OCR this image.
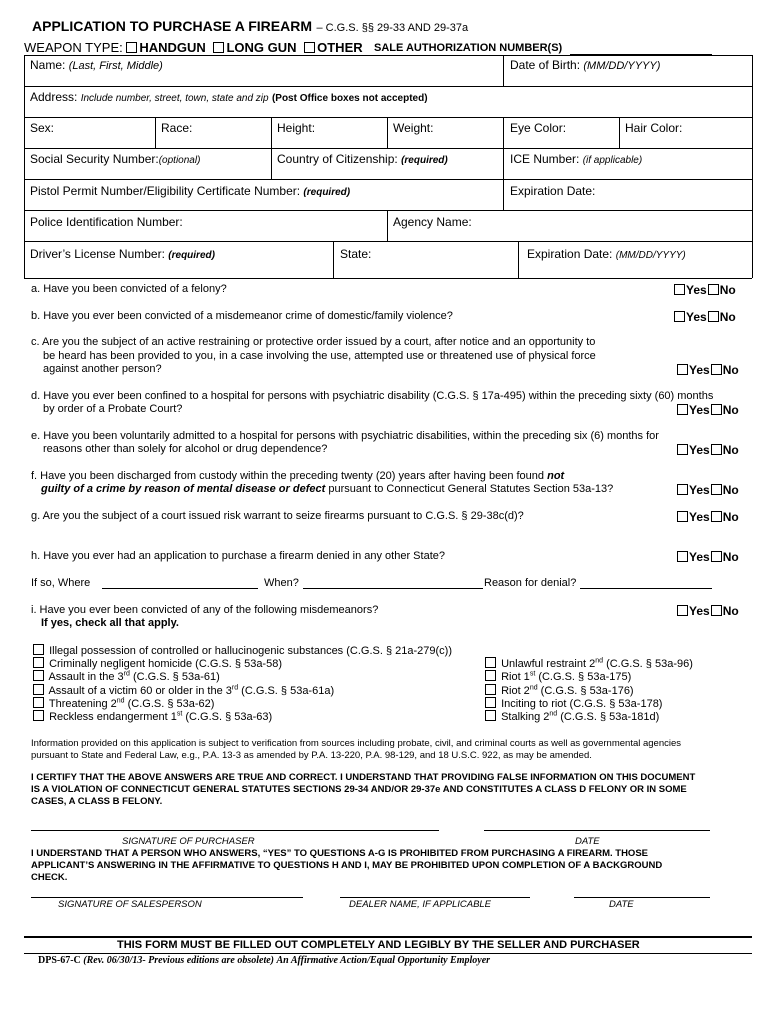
APPLICATION TO PURCHASE A FIREARM – C.G.S. §§ 29-33 AND 29-37a
WEAPON TYPE: HANDGUN LONG GUN OTHER SALE AUTHORIZATION NUMBER(S)
Name: (Last, First, Middle)	Date of Birth: (MM/DD/YYYY)
Address: Include number, street, town, state and zip (Post Office boxes not accepted)
Sex:	Race:	Height:	Weight:	Eye Color:	Hair Color:
Social Security Number:(optional)	Country of Citizenship: (required)	ICE Number: (if applicable)
Pistol Permit Number/Eligibility Certificate Number: (required)	Expiration Date:
Police Identification Number:	Agency Name:
Driver’s License Number: (required)	State:	Expiration Date: (MM/DD/YYYY)
a. Have you been convicted of a felony?
b. Have you ever been convicted of a misdemeanor crime of domestic/family violence?
c. Are you the subject of an active restraining or protective order issued by a court, after notice and an opportunity to
be heard has been provided to you, in a case involving the use, attempted use or threatened use of physical force
against another person?
d. Have you ever been confined to a hospital for persons with psychiatric disability (C.G.S. § 17a-495) within the preceding sixty (60) months
by order of a Probate Court?
e. Have you been voluntarily admitted to a hospital for persons with psychiatric disabilities, within the preceding six (6) months for
reasons other than solely for alcohol or drug dependence?
f. Have you been discharged from custody within the preceding twenty (20) years after having been found not
guilty of a crime by reason of mental disease or defect pursuant to Connecticut General Statutes Section 53a-13?
g. Are you the subject of a court issued risk warrant to seize firearms pursuant to C.G.S. § 29-38c(d)?
h. Have you ever had an application to purchase a firearm denied in any other State?
If so, Where	When?	Reason for denial?
i. Have you ever been convicted of any of the following misdemeanors?
If yes, check all that apply.
Yes No
Yes No
Yes No
Yes No
Yes No
Yes No
Yes No
Yes No
Yes No
Illegal possession of controlled or hallucinogenic substances (C.G.S. § 21a-279(c))
Criminally negligent homicide (C.G.S. § 53a-58)
Assault in the 3rd (C.G.S. § 53a-61)
Assault of a victim 60 or older in the 3rd (C.G.S. § 53a-61a)
Threatening 2nd (C.G.S. § 53a-62)
Reckless endangerment 1st (C.G.S. § 53a-63)
Unlawful restraint 2nd (C.G.S. § 53a-96)
Riot 1st (C.G.S. § 53a-175)
Riot 2nd (C.G.S. § 53a-176)
Inciting to riot (C.G.S. § 53a-178)
Stalking 2nd (C.G.S. § 53a-181d)
Information provided on this application is subject to verification from sources including probate, civil, and criminal courts as well as governmental agencies
pursuant to State and Federal Law, e.g., P.A. 13-3 as amended by P.A. 13-220, P.A. 98-129, and 18 U.S.C. 922, as may be amended.
I CERTIFY THAT THE ABOVE ANSWERS ARE TRUE AND CORRECT. I UNDERSTAND THAT PROVIDING FALSE INFORMATION ON THIS DOCUMENT
IS A VIOLATION OF CONNECTICUT GENERAL STATUTES SECTIONS 29-34 AND/OR 29-37e AND CONSTITUTES A CLASS D FELONY OR IN SOME
CASES, A CLASS B FELONY.
SIGNATURE OF PURCHASER	DATE
I UNDERSTAND THAT A PERSON WHO ANSWERS, “YES” TO QUESTIONS A-G IS PROHIBITED FROM PURCHASING A FIREARM. THOSE
APPLICANT’S ANSWERING IN THE AFFIRMATIVE TO QUESTIONS H AND I, MAY BE PROHIBITED UPON COMPLETION OF A BACKGROUND
CHECK.
SIGNATURE OF SALESPERSON	DEALER NAME, IF APPLICABLE	DATE
THIS FORM MUST BE FILLED OUT COMPLETELY AND LEGIBLY BY THE SELLER AND PURCHASER
DPS-67-C (Rev. 06/30/13- Previous editions are obsolete) An Affirmative Action/Equal Opportunity Employer
